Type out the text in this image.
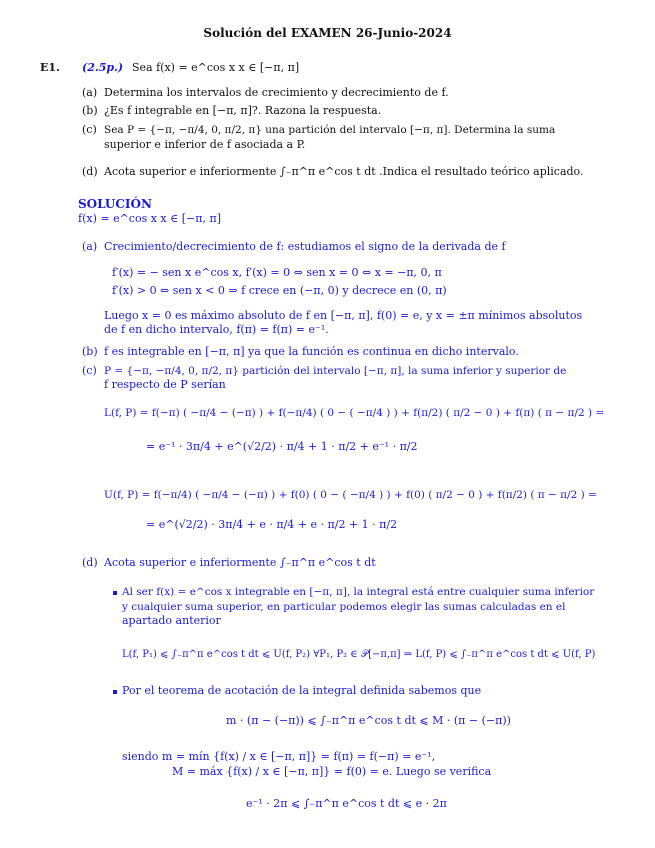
Solución del EXAMEN 26-Junio-2024
E1. (2.5p.) Sea f(x) = e^cos x x ∈ [−π, π]
(a) Determina los intervalos de crecimiento y decrecimiento de f.
(b) ¿Es f integrable en [−π, π]?. Razona la respuesta.
(c) Sea P = {−π, −π/4, 0, π/2, π} una partición del intervalo [−π, π]. Determina la suma
superior e inferior de f asociada a P.
(d) Acota superior e inferiormente ∫₋π^π e^cos t dt .Indica el resultado teórico aplicado.
SOLUCIÓN
f(x) = e^cos x x ∈ [−π, π]
(a) Crecimiento/decrecimiento de f: estudiamos el signo de la derivada de f
f′(x) = − sen x e^cos x, f′(x) = 0 ⇔ sen x = 0 ⇔ x = −π, 0, π
f′(x) > 0 ⇔ sen x < 0 ⇒ f crece en (−π, 0) y decrece en (0, π)
Luego x = 0 es máximo absoluto de f en [−π, π], f(0) = e, y x = ±π mínimos absolutos
de f en dicho intervalo, f(π) = f(π) = e⁻¹.
(b) f es integrable en [−π, π] ya que la función es continua en dicho intervalo.
(c) P = {−π, −π/4, 0, π/2, π} partición del intervalo [−π, π], la suma inferior y superior de
f respecto de P serían
L(f, P) = f(−π) ( −π/4 − (−π) ) + f(−π/4) ( 0 − ( −π/4 ) ) + f(π/2) ( π/2 − 0 ) + f(π) ( π − π/2 ) =
= e⁻¹ · 3π/4 + e^(√2/2) · π/4 + 1 · π/2 + e⁻¹ · π/2
U(f, P) = f(−π/4) ( −π/4 − (−π) ) + f(0) ( 0 − ( −π/4 ) ) + f(0) ( π/2 − 0 ) + f(π/2) ( π − π/2 ) =
= e^(√2/2) · 3π/4 + e · π/4 + e · π/2 + 1 · π/2
(d) Acota superior e inferiormente ∫₋π^π e^cos t dt
Al ser f(x) = e^cos x integrable en [−π, π], la integral está entre cualquier suma inferior
y cualquier suma superior, en particular podemos elegir las sumas calculadas en el
apartado anterior
L(f, P₁) ⩽ ∫₋π^π e^cos t dt ⩽ U(f, P₂) ∀P₁, P₂ ∈ 𝒫[−π,π] ⇒ L(f, P) ⩽ ∫₋π^π e^cos t dt ⩽ U(f, P)
Por el teorema de acotación de la integral definida sabemos que
m · (π − (−π)) ⩽ ∫₋π^π e^cos t dt ⩽ M · (π − (−π))
siendo m = mín {f(x) / x ∈ [−π, π]} = f(π) = f(−π) = e⁻¹,
M = máx {f(x) / x ∈ [−π, π]} = f(0) = e. Luego se verifica
e⁻¹ · 2π ⩽ ∫₋π^π e^cos t dt ⩽ e · 2π
